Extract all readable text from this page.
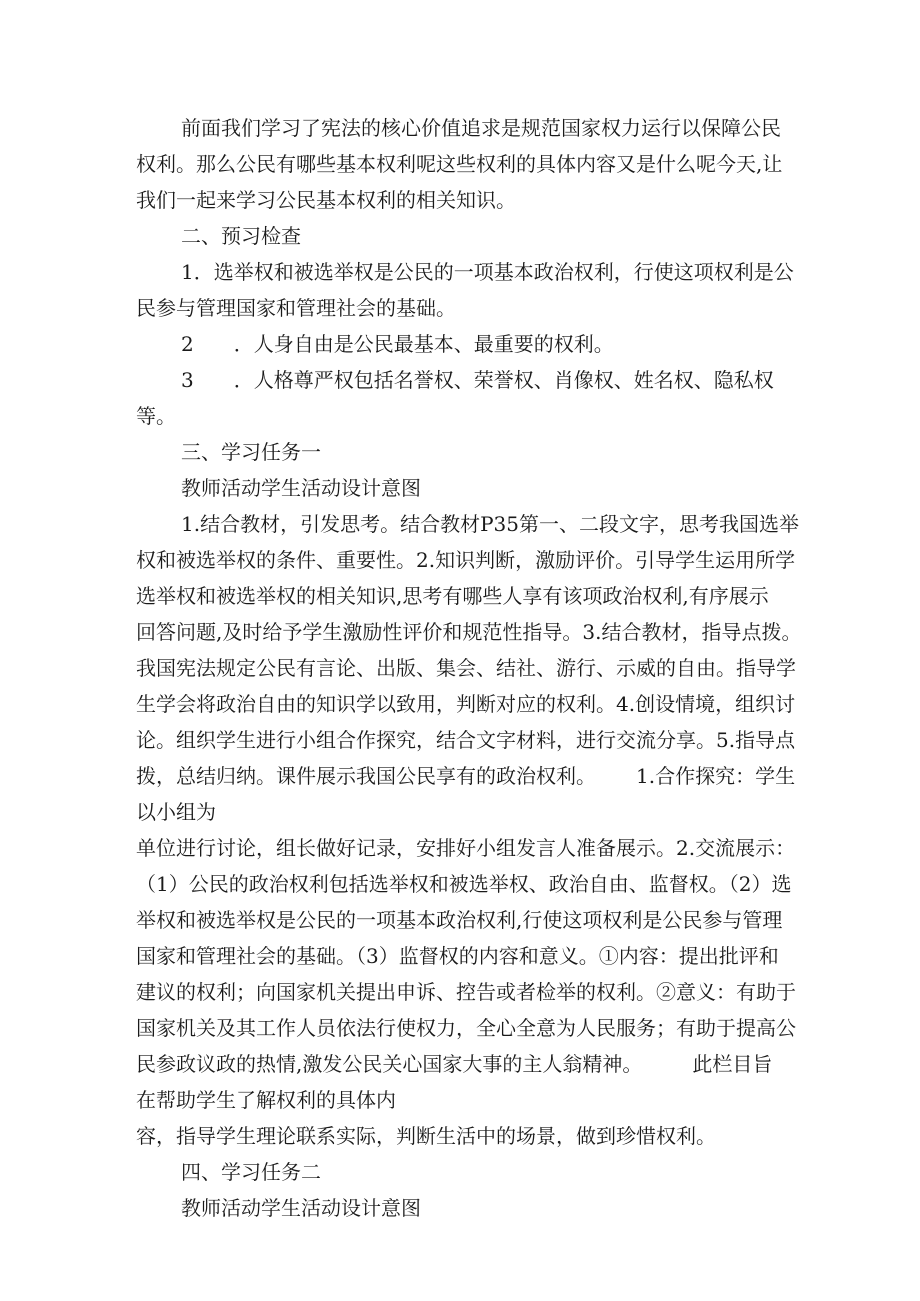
前面我们学习了宪法的核心价值追求是规范国家权力运行以保障公民
权利。那么公民有哪些基本权利呢这些权利的具体内容又是什么呢今天,让
我们一起来学习公民基本权利的相关知识。
二、预习检查
1．选举权和被选举权是公民的一项基本政治权利，行使这项权利是公
民参与管理国家和管理社会的基础。
2 ．人身自由是公民最基本、最重要的权利。
3 ．人格尊严权包括名誉权、荣誉权、肖像权、姓名权、隐私权
等。
三、学习任务一
教师活动学生活动设计意图
1.结合教材，引发思考。结合教材P35第一、二段文字，思考我国选举
权和被选举权的条件、重要性。2.知识判断，激励评价。引导学生运用所学
选举权和被选举权的相关知识,思考有哪些人享有该项政治权利,有序展示
回答问题,及时给予学生激励性评价和规范性指导。3.结合教材，指导点拨。
我国宪法规定公民有言论、出版、集会、结社、游行、示威的自由。指导学
生学会将政治自由的知识学以致用，判断对应的权利。4.创设情境，组织讨
论。组织学生进行小组合作探究，结合文字材料，进行交流分享。5.指导点
拨，总结归纳。课件展示我国公民享有的政治权利。 1.合作探究：学生
以小组为
单位进行讨论，组长做好记录，安排好小组发言人准备展示。2.交流展示：
（1）公民的政治权利包括选举权和被选举权、政治自由、监督权。（2）选
举权和被选举权是公民的一项基本政治权利,行使这项权利是公民参与管理
国家和管理社会的基础。（3）监督权的内容和意义。①内容：提出批评和
建议的权利；向国家机关提出申诉、控告或者检举的权利。②意义：有助于
国家机关及其工作人员依法行使权力，全心全意为人民服务；有助于提高公
民参政议政的热情,激发公民关心国家大事的主人翁精神。	此栏目旨
在帮助学生了解权利的具体内
容，指导学生理论联系实际，判断生活中的场景，做到珍惜权利。
四、学习任务二
教师活动学生活动设计意图
